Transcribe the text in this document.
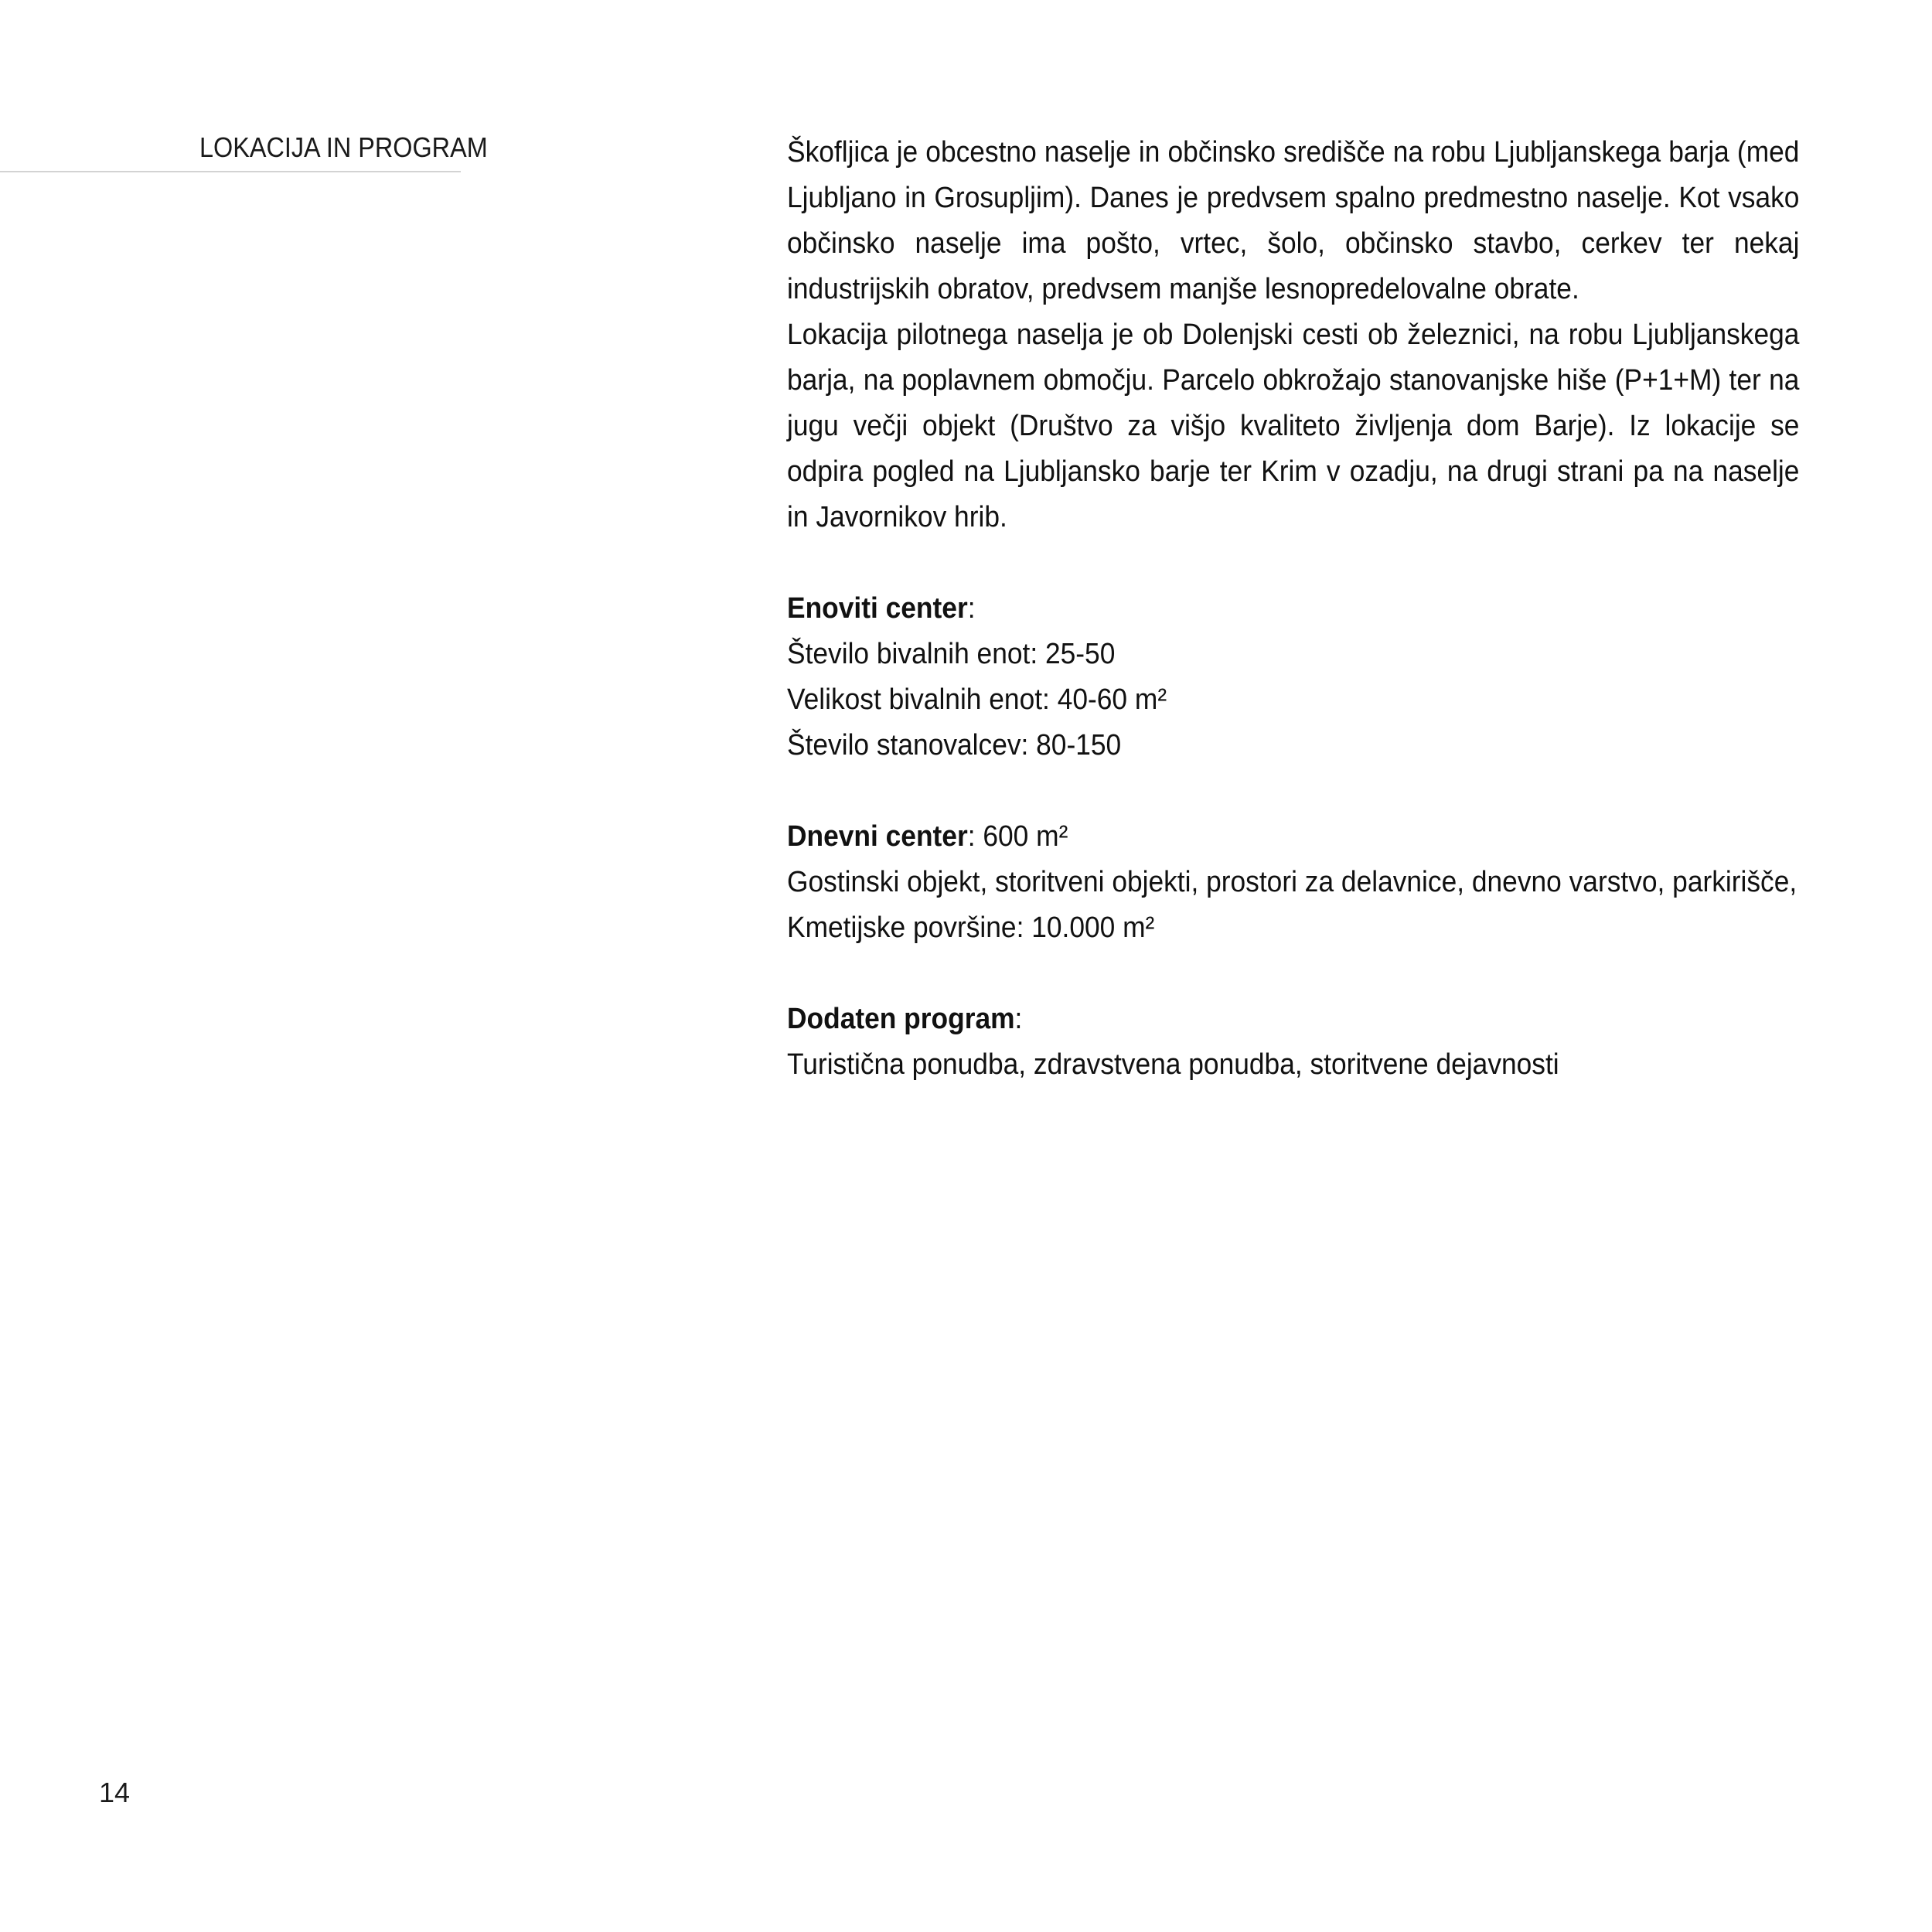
LOKACIJA IN PROGRAM	Škofljica je obcestno naselje in občinsko središče na robu Ljubljanskega barja (med Ljubljano in Grosupljim). Danes je predvsem spalno predmestno naselje. Kot vsako občinsko naselje ima pošto, vrtec, šolo, občinsko stavbo, cerkev ter nekaj industrijskih obratov, predvsem manjše lesnopredelovalne obrate.

Lokacija pilotnega naselja je ob Dolenjski cesti ob železnici, na robu Ljubljanskega barja, na poplavnem območju. Parcelo obkrožajo stanovanjske hiše (P+1+M) ter na jugu večji objekt (Društvo za višjo kvaliteto življenja dom Barje). Iz lokacije se odpira pogled na Ljubljansko barje ter Krim v ozadju, na drugi strani pa na naselje in Javornikov hrib.

Enoviti center:
Število bivalnih enot: 25-50
Velikost bivalnih enot: 40-60 m²
Število stanovalcev: 80-150
Dnevni center: 600 m²
Gostinski objekt, storitveni objekti, prostori za delavnice, dnevno varstvo, parkirišče,
Kmetijske površine: 10.000 m²
Dodaten program:
Turistična ponudba, zdravstvena ponudba, storitvene dejavnosti
14
